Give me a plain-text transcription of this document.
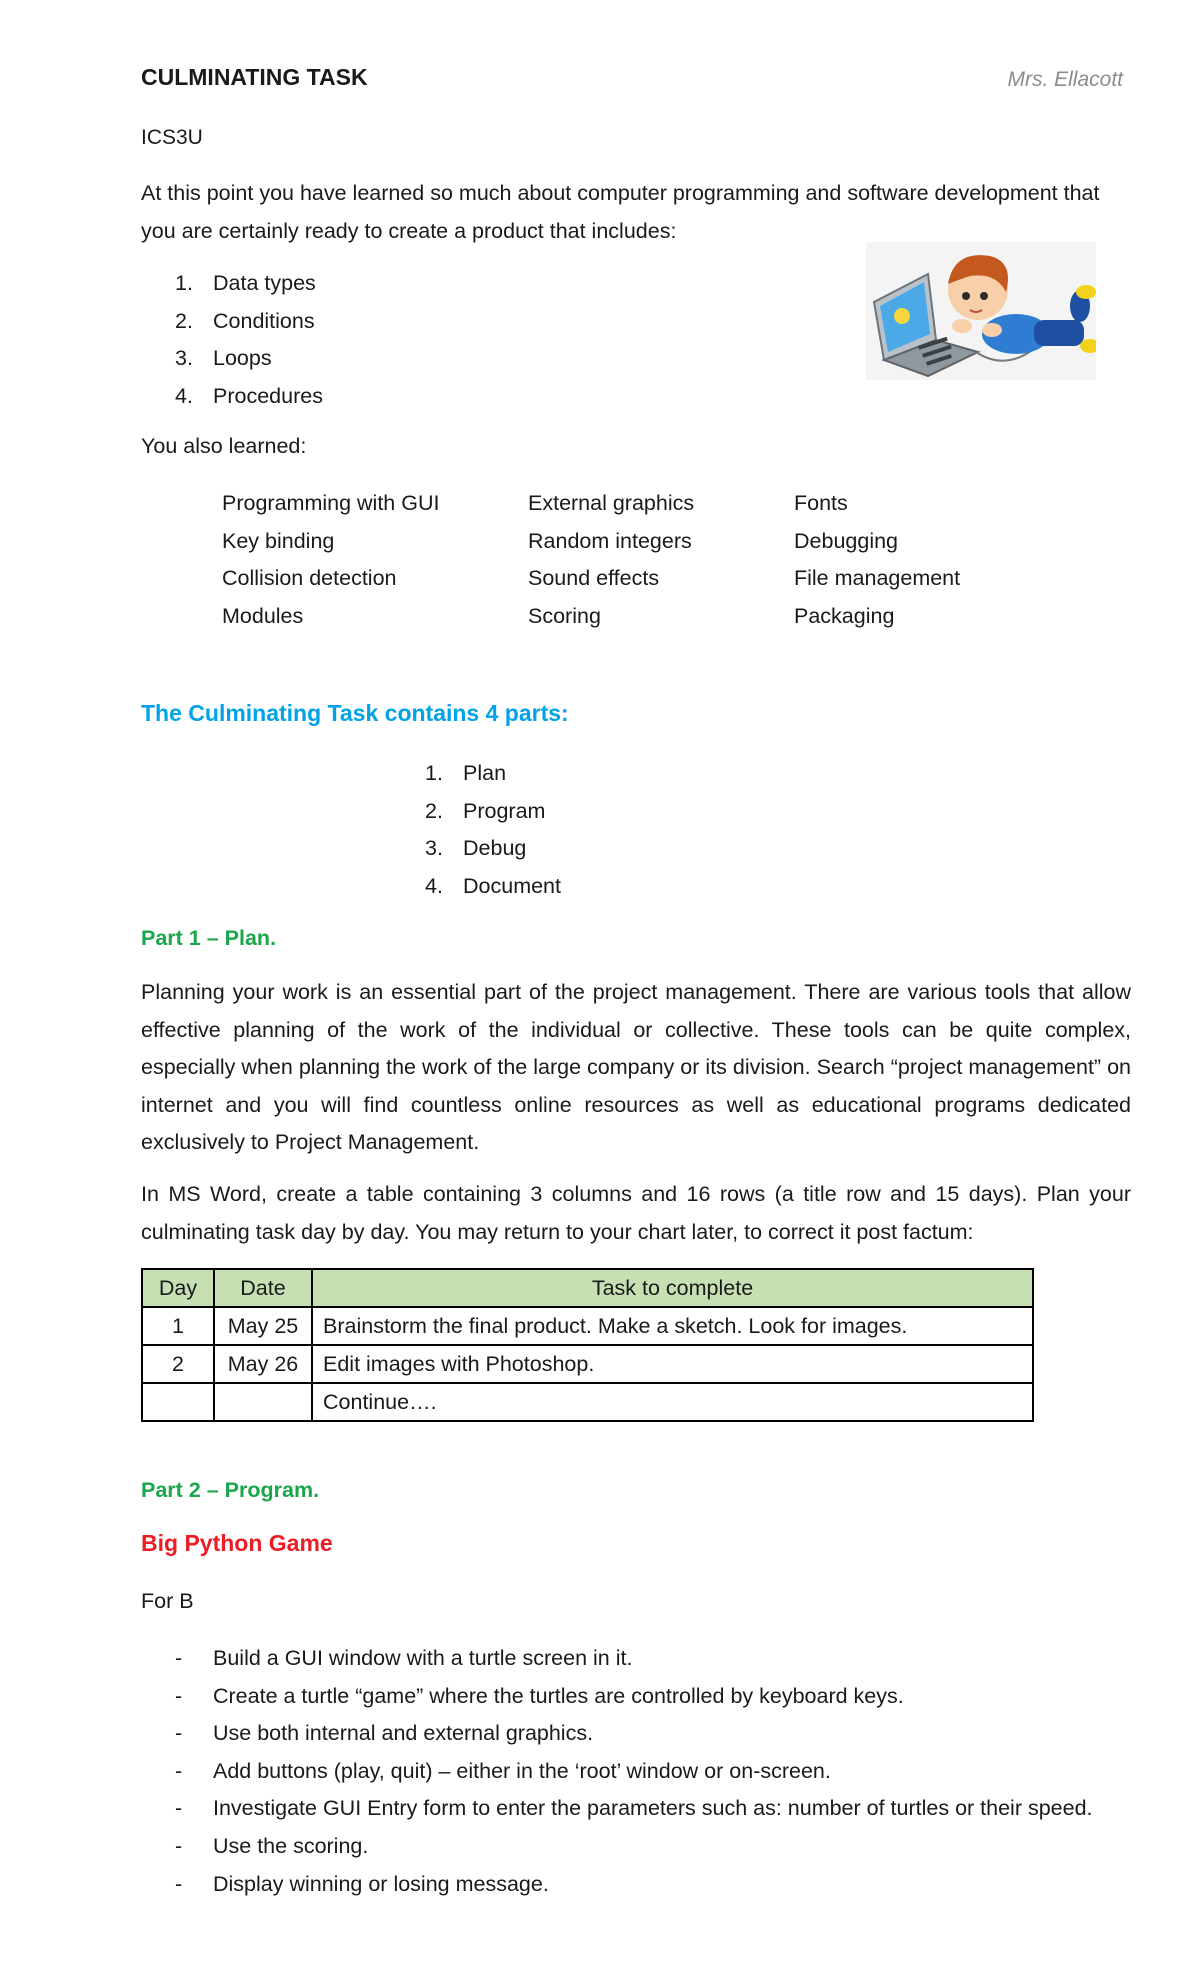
CULMINATING TASK	Mrs. Ellacott
ICS3U
At this point you have learned so much about computer programming and software development that you are certainly ready to create a product that includes:
1. Data types
2. Conditions
3. Loops
4. Procedures
You also learned:
Programming with GUI	External graphics	Fonts
Key binding	Random integers	Debugging
Collision detection	Sound effects	File management
Modules	Scoring	Packaging
The Culminating Task contains 4 parts:
1. Plan
2. Program
3. Debug
4. Document
Part 1 – Plan.
Planning your work is an essential part of the project management. There are various tools that allow effective planning of the work of the individual or collective. These tools can be quite complex, especially when planning the work of the large company or its division. Search “project management” on internet and you will find countless online resources as well as educational programs dedicated exclusively to Project Management.
In MS Word, create a table containing 3 columns and 16 rows (a title row and 15 days). Plan your culminating task day by day. You may return to your chart later, to correct it post factum:
Day	Date	Task to complete
1	May 25	Brainstorm the final product. Make a sketch. Look for images.
2	May 26	Edit images with Photoshop.
		Continue….
Part 2 – Program.
Big Python Game
For B
-	Build a GUI window with a turtle screen in it.
-	Create a turtle “game” where the turtles are controlled by keyboard keys.
-	Use both internal and external graphics.
-	Add buttons (play, quit) – either in the ‘root’ window or on-screen.
-	Investigate GUI Entry form to enter the parameters such as: number of turtles or their speed.
-	Use the scoring.
-	Display winning or losing message.
